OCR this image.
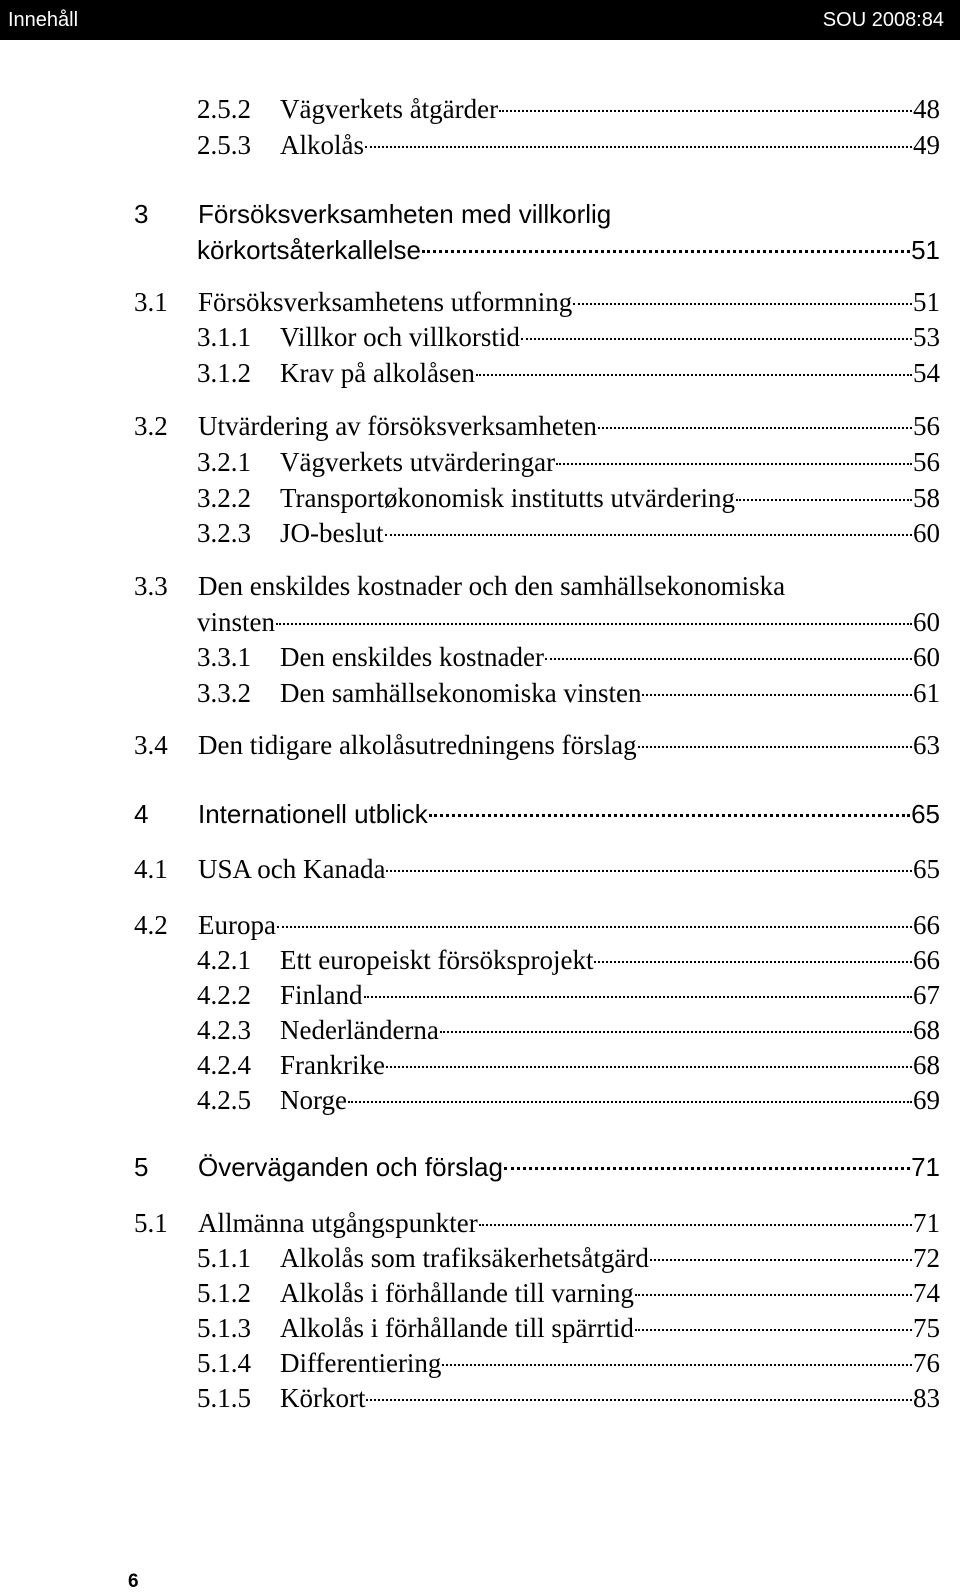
Innehåll	SOU 2008:84
2.5.2	Vägverkets åtgärder	48
2.5.3	Alkolås	49
3 Försöksverksamheten med villkorlig
körkortsåterkallelse	51
3.1	Försöksverksamhetens utformning	51
3.1.1	Villkor och villkorstid	53
3.1.2	Krav på alkolåsen	54
3.2	Utvärdering av försöksverksamheten	56
3.2.1	Vägverkets utvärderingar	56
3.2.2	Transportøkonomisk institutts utvärdering	58
3.2.3	JO-beslut	60
3.3 Den enskildes kostnader och den samhällsekonomiska
vinsten	60
3.3.1	Den enskildes kostnader	60
3.3.2	Den samhällsekonomiska vinsten	61
3.4	Den tidigare alkolåsutredningens förslag	63
4	Internationell utblick	65
4.1	USA och Kanada	65
4.2	Europa	66
4.2.1	Ett europeiskt försöksprojekt	66
4.2.2	Finland	67
4.2.3	Nederländerna	68
4.2.4	Frankrike	68
4.2.5	Norge	69
5	Överväganden och förslag	71
5.1	Allmänna utgångspunkter	71
5.1.1	Alkolås som trafiksäkerhetsåtgärd	72
5.1.2	Alkolås i förhållande till varning	74
5.1.3	Alkolås i förhållande till spärrtid	75
5.1.4	Differentiering	76
5.1.5	Körkort	83
6
